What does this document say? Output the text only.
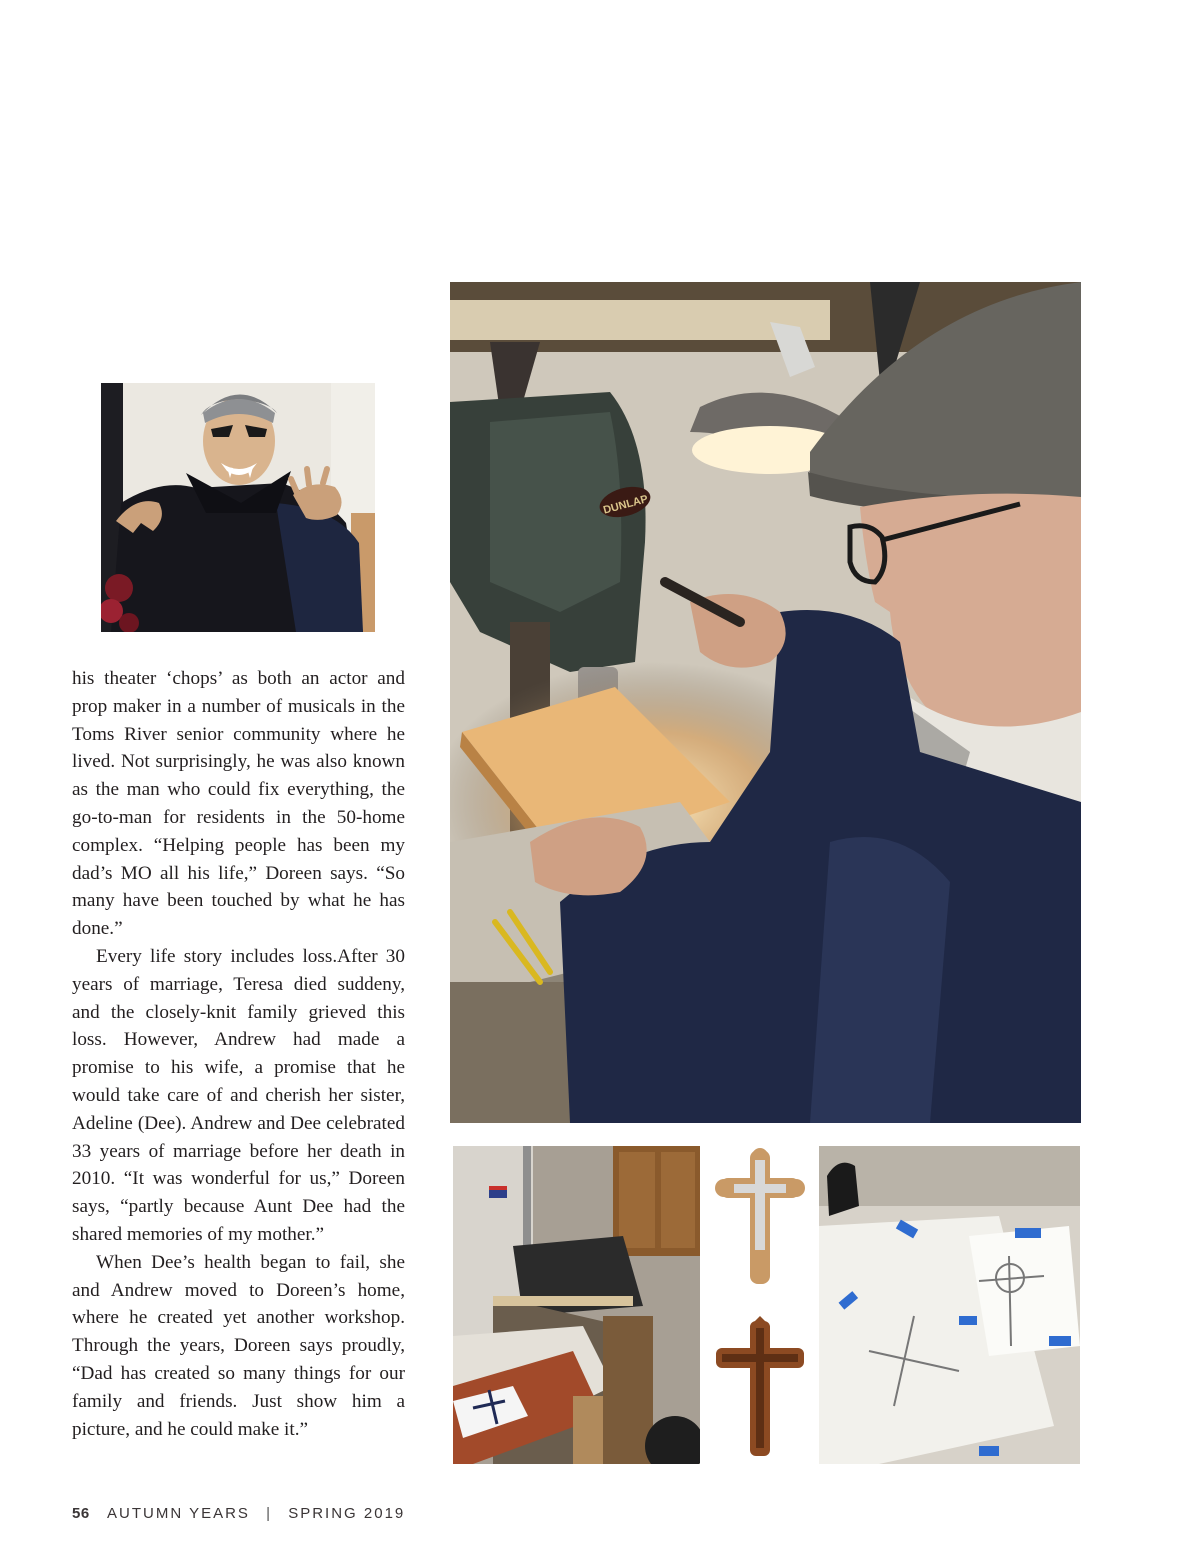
DUNLAP

his theater ‘chops’ as both an actor and prop maker in a number of musicals in the Toms River senior community where he lived. Not surprisingly, he was also known as the man who could fix everything, the go-to-man for residents in the 50-home complex. “Helping people has been my dad’s MO all his life,” Doreen says. “So many have been touched by what he has done.”

Every life story includes loss.After 30 years of marriage, Teresa died suddeny, and the closely-knit family grieved this loss. However, Andrew had made a promise to his wife, a promise that he would take care of and cherish her sister, Adeline (Dee). Andrew and Dee celebrated 33 years of marriage before her death in 2010. “It was wonderful for us,” Doreen says, “partly because Aunt Dee had the shared memories of my mother.”

When Dee’s health began to fail, she and Andrew moved to Doreen’s home, where he created yet another workshop. Through the years, Doreen says proudly, “Dad has created so many things for our family and friends. Just show him a picture, and he could make it.”

56 AUTUMN YEARS | SPRING 2019
